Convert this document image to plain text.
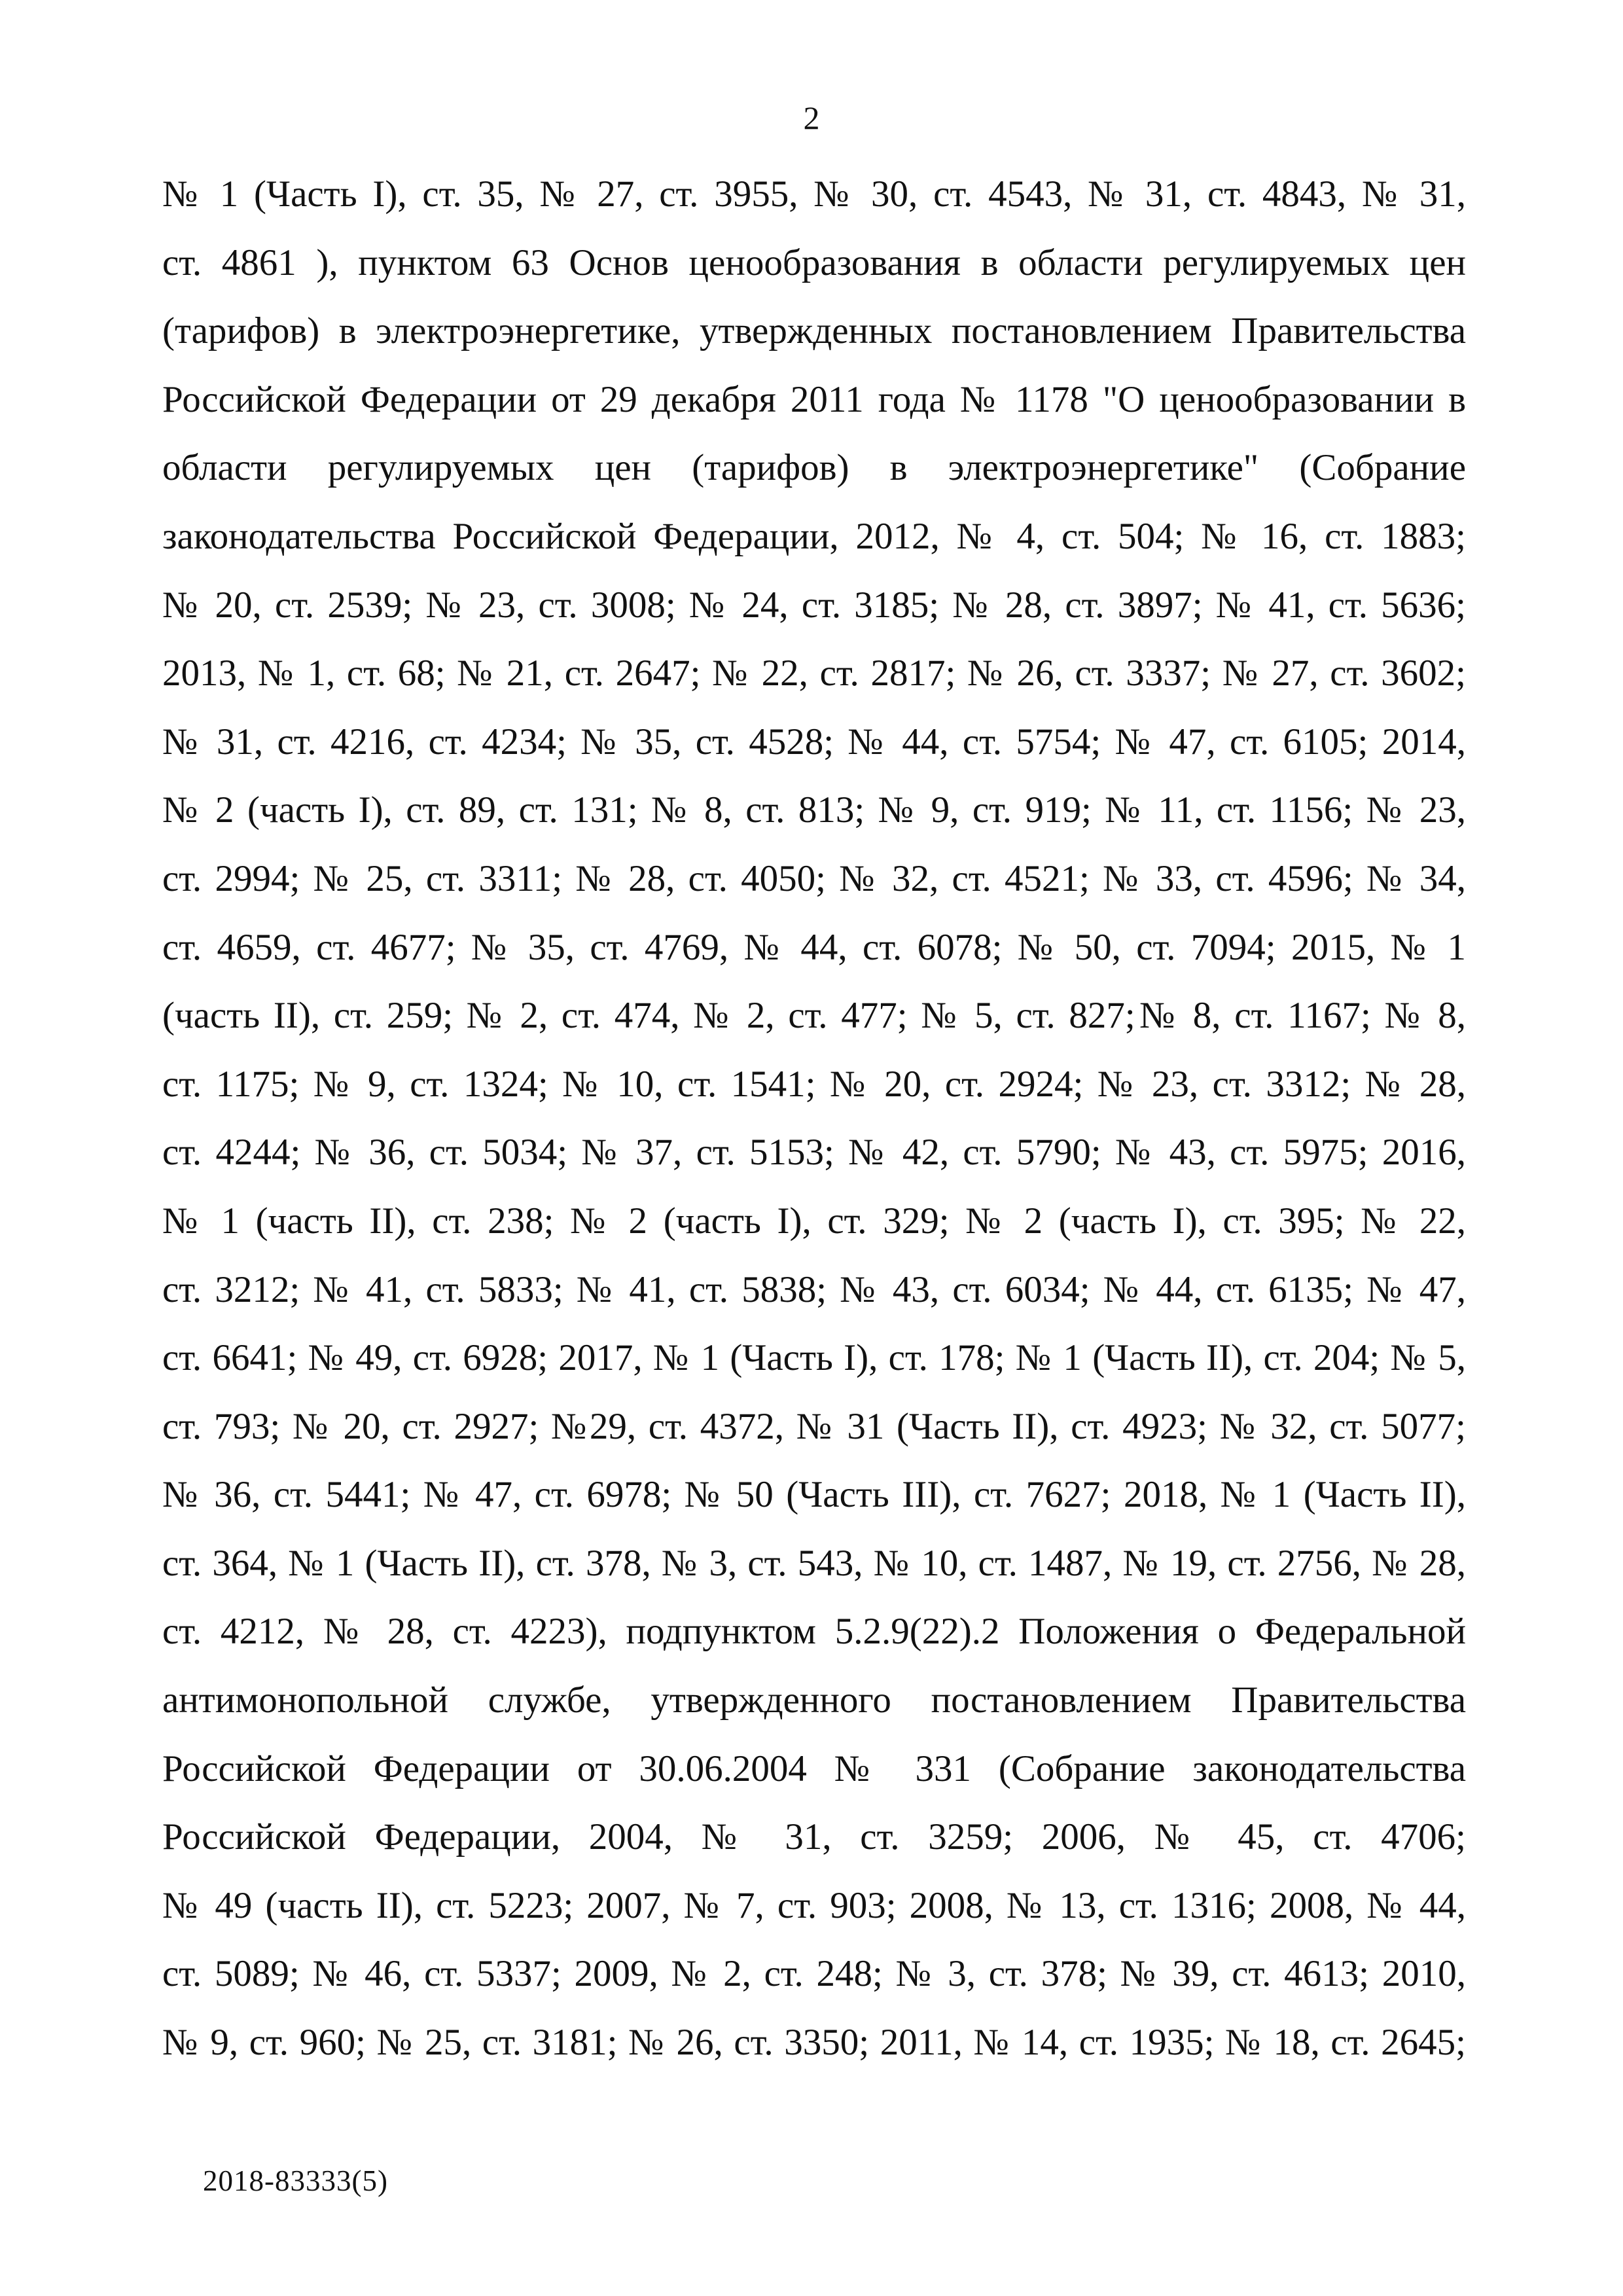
2
№ 1 (Часть I), ст. 35, № 27, ст. 3955, № 30, ст. 4543, № 31, ст. 4843, № 31,
ст. 4861 ), пунктом 63 Основ ценообразования в области регулируемых цен
(тарифов) в электроэнергетике, утвержденных постановлением Правительства
Российской Федерации от 29 декабря 2011 года № 1178 "О ценообразовании в
области регулируемых цен (тарифов) в электроэнергетике" (Собрание
законодательства Российской Федерации, 2012, № 4, ст. 504; № 16, ст. 1883;
№ 20, ст. 2539; № 23, ст. 3008; № 24, ст. 3185; № 28, ст. 3897; № 41, ст. 5636;
2013, № 1, ст. 68; № 21, ст. 2647; № 22, ст. 2817; № 26, ст. 3337; № 27, ст. 3602;
№ 31, ст. 4216, ст. 4234; № 35, ст. 4528; № 44, ст. 5754; № 47, ст. 6105; 2014,
№ 2 (часть I), ст. 89, ст. 131; № 8, ст. 813; № 9, ст. 919; № 11, ст. 1156; № 23,
ст. 2994; № 25, ст. 3311; № 28, ст. 4050; № 32, ст. 4521; № 33, ст. 4596; № 34,
ст. 4659, ст. 4677; № 35, ст. 4769, № 44, ст. 6078; № 50, ст. 7094; 2015, № 1
(часть II), ст. 259; № 2, ст. 474, № 2, ст. 477; № 5, ст. 827;№ 8, ст. 1167; № 8,
ст. 1175; № 9, ст. 1324; № 10, ст. 1541; № 20, ст. 2924; № 23, ст. 3312; № 28,
ст. 4244; № 36, ст. 5034; № 37, ст. 5153; № 42, ст. 5790; № 43, ст. 5975; 2016,
№ 1 (часть II), ст. 238; № 2 (часть I), ст. 329; № 2 (часть I), ст. 395; № 22,
ст. 3212; № 41, ст. 5833; № 41, ст. 5838; № 43, ст. 6034; № 44, ст. 6135; № 47,
ст. 6641; № 49, ст. 6928; 2017, № 1 (Часть I), ст. 178; № 1 (Часть II), ст. 204; № 5,
ст. 793; № 20, ст. 2927; №29, ст. 4372, № 31 (Часть II), ст. 4923; № 32, ст. 5077;
№ 36, ст. 5441; № 47, ст. 6978; № 50 (Часть III), ст. 7627; 2018, № 1 (Часть II),
ст. 364, № 1 (Часть II), ст. 378, № 3, ст. 543, № 10, ст. 1487, № 19, ст. 2756, № 28,
ст. 4212, № 28, ст. 4223), подпунктом 5.2.9(22).2 Положения о Федеральной
антимонопольной службе, утвержденного постановлением Правительства
Российской Федерации от 30.06.2004 № 331 (Собрание законодательства
Российской Федерации, 2004, № 31, ст. 3259; 2006, № 45, ст. 4706;
№ 49 (часть II), ст. 5223; 2007, № 7, ст. 903; 2008, № 13, ст. 1316; 2008, № 44,
ст. 5089; № 46, ст. 5337; 2009, № 2, ст. 248; № 3, ст. 378; № 39, ст. 4613; 2010,
№ 9, ст. 960; № 25, ст. 3181; № 26, ст. 3350; 2011, № 14, ст. 1935; № 18, ст. 2645;
2018-83333(5)
